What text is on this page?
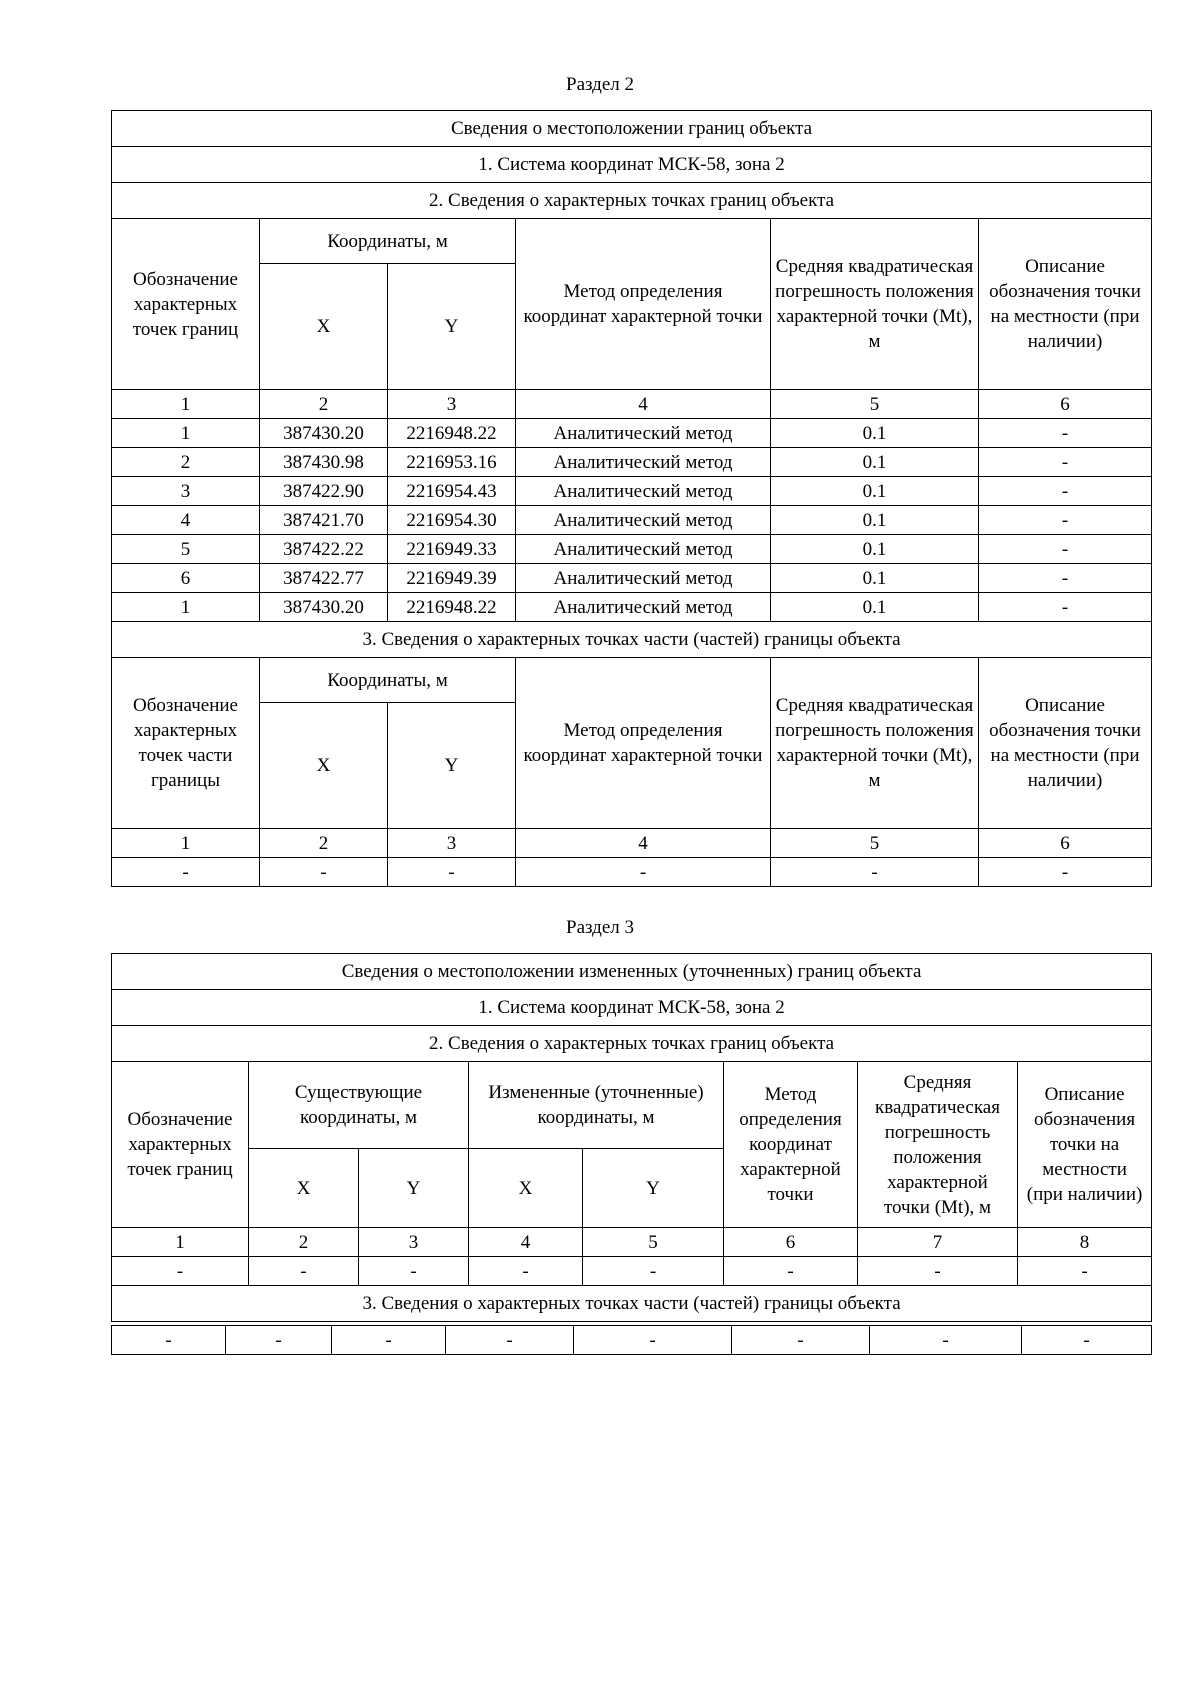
Раздел 2
Сведения о местоположении границ объекта					
1. Система координат МСК-58, зона 2					
2. Сведения о характерных точках границ объекта					
Обозначение характерных точек границ	Координаты, м		Метод определения координат характерной точки	Средняя квадратическая погрешность положения характерной точки (Mt), м	Описание обозначения точки на местности (при наличии)
	X	Y			
1	2	3	4	5	6
1	387430.20	2216948.22	Аналитический метод	0.1	-
2	387430.98	2216953.16	Аналитический метод	0.1	-
3	387422.90	2216954.43	Аналитический метод	0.1	-
4	387421.70	2216954.30	Аналитический метод	0.1	-
5	387422.22	2216949.33	Аналитический метод	0.1	-
6	387422.77	2216949.39	Аналитический метод	0.1	-
1	387430.20	2216948.22	Аналитический метод	0.1	-
3. Сведения о характерных точках части (частей) границы объекта					
Обозначение характерных точек части границы	Координаты, м		Метод определения координат характерной точки	Средняя квадратическая погрешность положения характерной точки (Mt), м	Описание обозначения точки на местности (при наличии)
	X	Y			
1	2	3	4	5	6
-	-	-	-	-	-
Раздел 3
Сведения о местоположении измененных (уточненных) границ объекта							
1. Система координат МСК-58, зона 2							
2. Сведения о характерных точках границ объекта							
Обозначение характерных точек границ	Существующие координаты, м		Измененные (уточненные) координаты, м		Метод определения координат характерной точки	Средняя квадратическая погрешность положения характерной точки (Mt), м	Описание обозначения точки на местности (при наличии)
	X	Y	X	Y			
1	2	3	4	5	6	7	8
-	-	-	-	-	-	-	-
3. Сведения о характерных точках части (частей) границы объекта							
-	-	-	-	-	-	-	-
